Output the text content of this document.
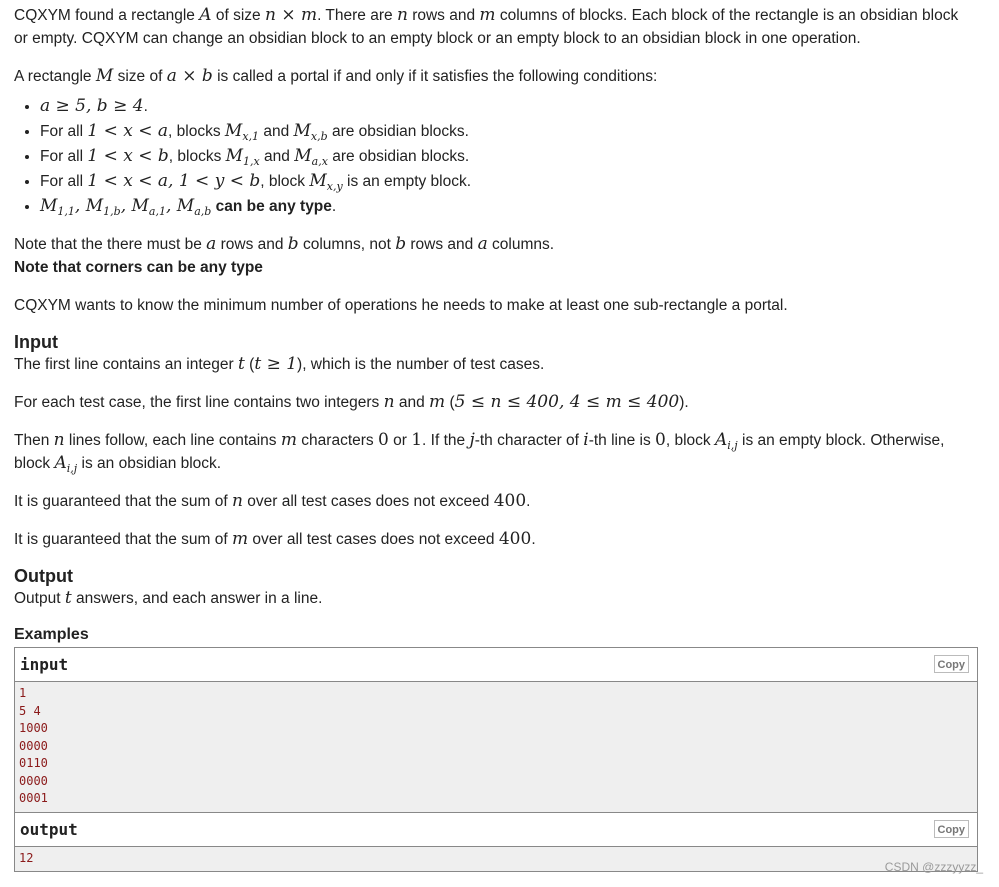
CQXYM found a rectangle A of size n × m. There are n rows and m columns of blocks. Each block of the rectangle is an obsidian block
or empty. CQXYM can change an obsidian block to an empty block or an empty block to an obsidian block in one operation.

A rectangle M size of a × b is called a portal if and only if it satisfies the following conditions:

• a ≥ 5, b ≥ 4.
• For all 1 < x < a, blocks $M_{x,1}$ and $M_{x,b}$ are obsidian blocks.
• For all 1 < x < b, blocks $M_{1,x}$ and $M_{a,x}$ are obsidian blocks.
• For all 1 < x < a, 1 < y < b, block $M_{x,y}$ is an empty block.
• $M_{1,1}$, $M_{1,b}$, $M_{a,1}$, $M_{a,b}$ can be any type.

Note that the there must be a rows and b columns, not b rows and a columns.

Note that corners can be any type

CQXYM wants to know the minimum number of operations he needs to make at least one sub-rectangle a portal.

Input

The first line contains an integer t (t ≥ 1), which is the number of test cases.

For each test case, the first line contains two integers n and m (5 ≤ n ≤ 400, 4 ≤ m ≤ 400).

Then n lines follow, each line contains m characters 0 or 1. If the j-th character of i-th line is 0, block $A_{i,j}$ is an empty block. Otherwise,
block $A_{i,j}$ is an obsidian block.

It is guaranteed that the sum of n over all test cases does not exceed 400.

It is guaranteed that the sum of m over all test cases does not exceed 400.

Output

Output t answers, and each answer in a line.

Examples
input	Copy
1
5 4
1000
0000
0110
0000
0001
output	Copy
12
CSDN @zzzyyzz_
